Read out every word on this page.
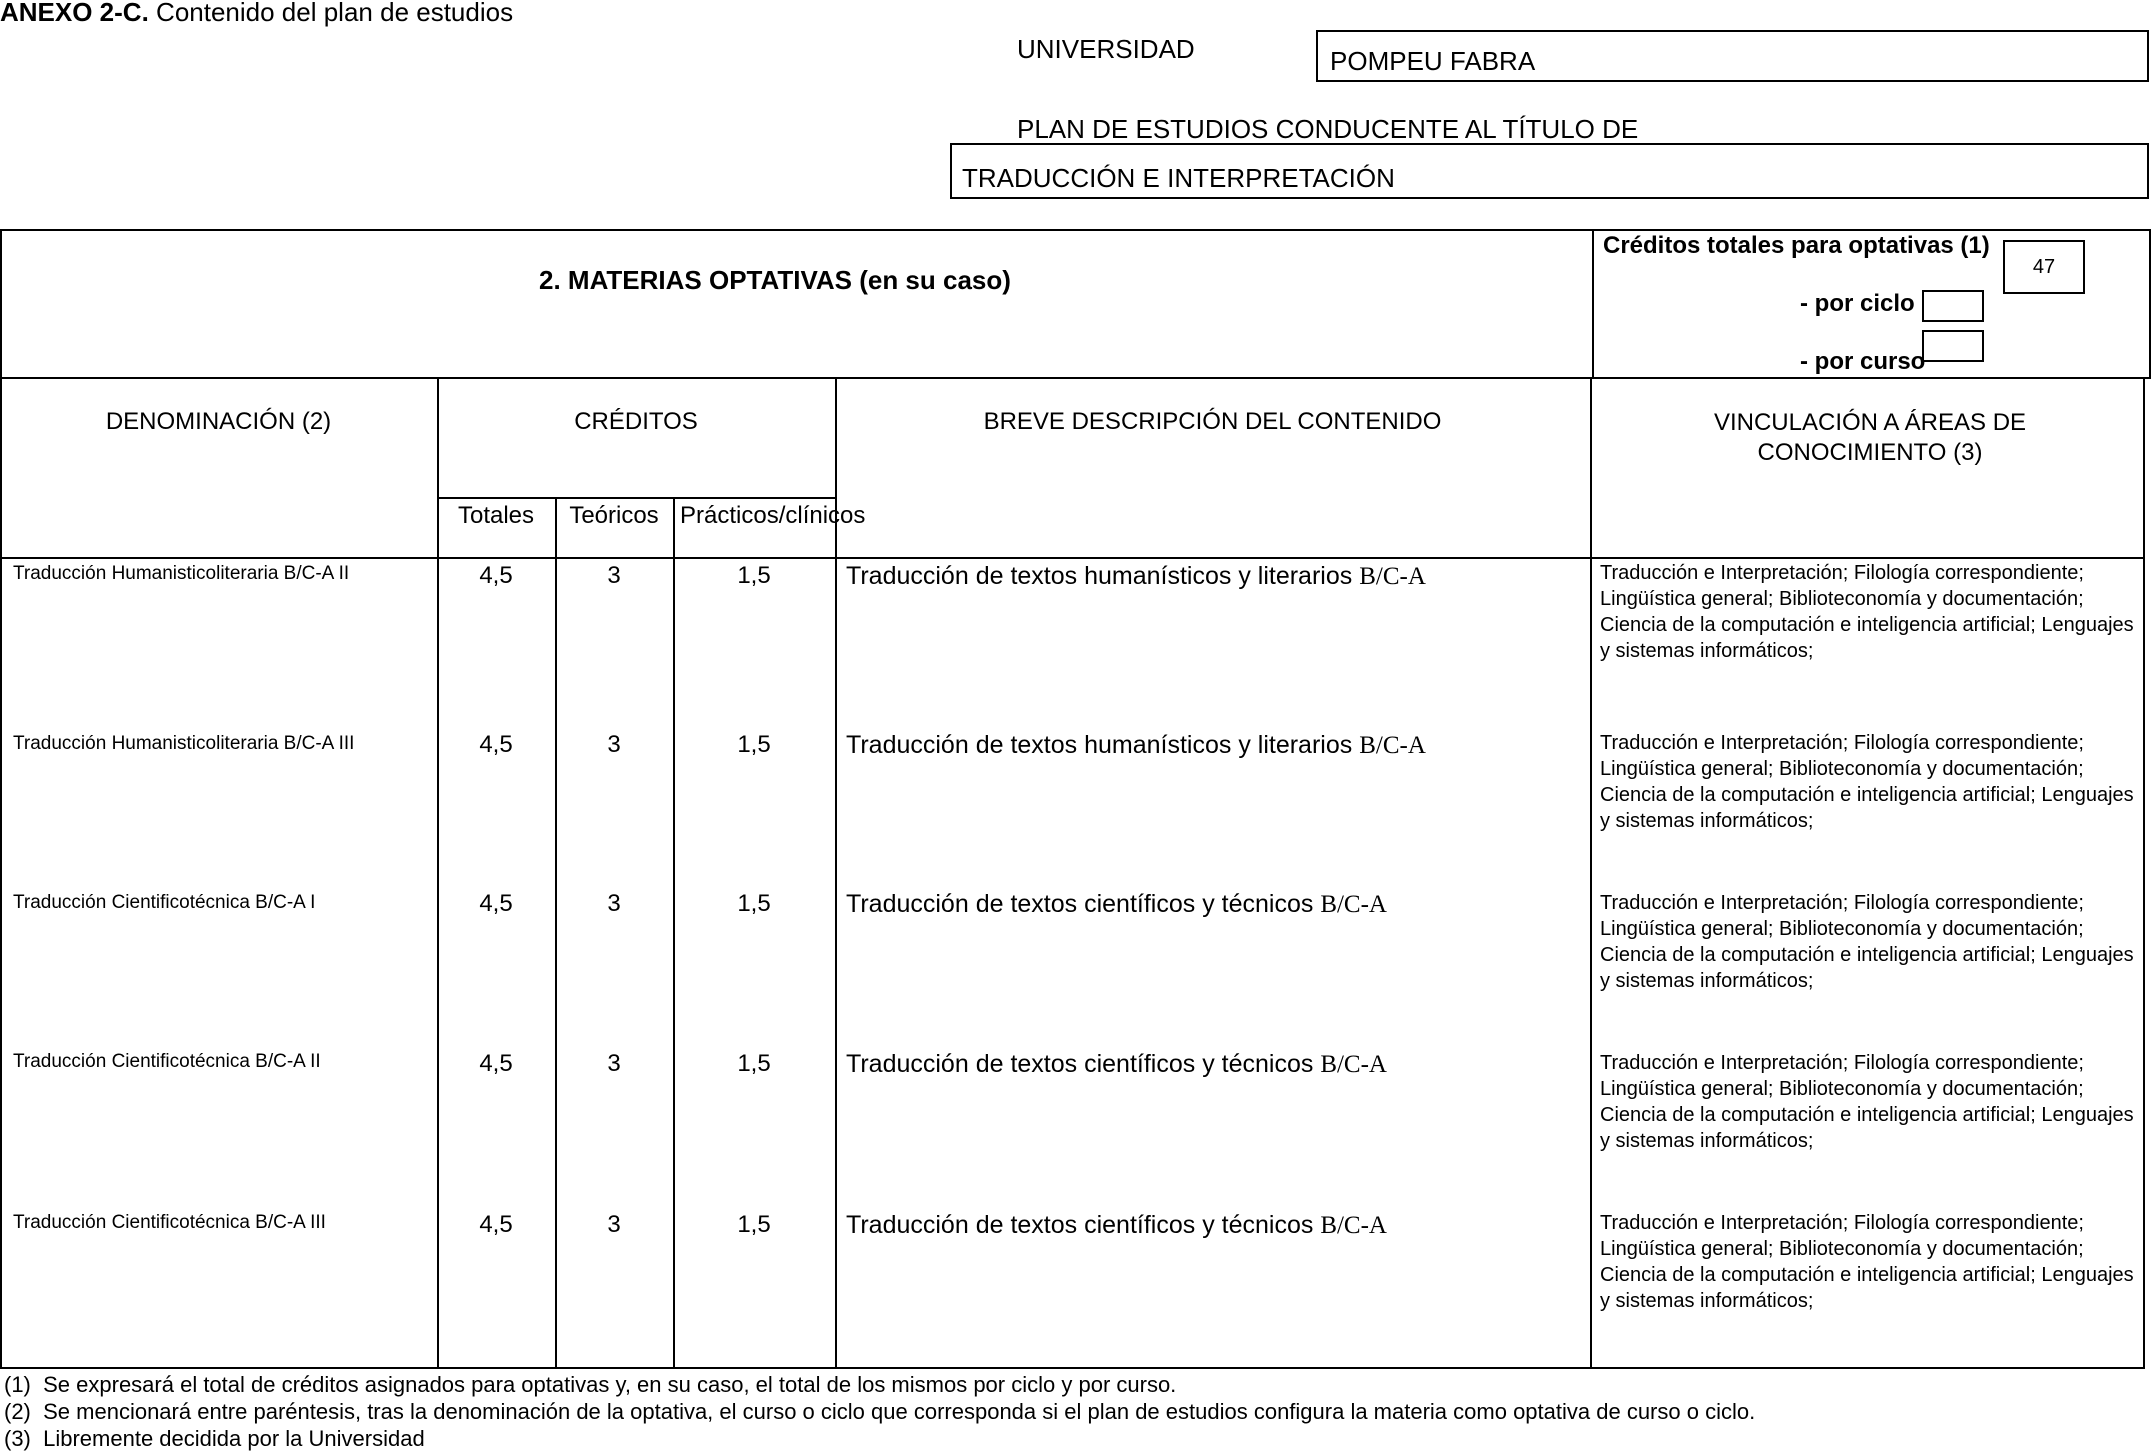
ANEXO 2-C. Contenido del plan de estudios
UNIVERSIDAD	POMPEU FABRA
PLAN DE ESTUDIOS CONDUCENTE AL TÍTULO DE
TRADUCCIÓN E INTERPRETACIÓN
2. MATERIAS OPTATIVAS (en su caso)
Créditos totales para optativas (1)
47
- por ciclo
- por curso
DENOMINACIÓN (2)	CRÉDITOS
Totales	Teóricos Prácticos/clínicos
BREVE DESCRIPCIÓN DEL CONTENIDO	VINCULACIÓN A ÁREAS DE CONOCIMIENTO (3)
Traducción Humanisticoliteraria B/C-A II	4,5	3	1,5	Traducción de textos humanísticos y literarios B/C-A	Traducción e Interpretación; Filología correspondiente; Lingüística general; Biblioteconomía y documentación; Ciencia de la computación e inteligencia artificial; Lenguajes y sistemas informáticos;
Traducción Humanisticoliteraria B/C-A III	4,5	3	1,5	Traducción de textos humanísticos y literarios B/C-A	Traducción e Interpretación; Filología correspondiente; Lingüística general; Biblioteconomía y documentación; Ciencia de la computación e inteligencia artificial; Lenguajes y sistemas informáticos;
Traducción Cientificotécnica B/C-A I	4,5	3	1,5	Traducción de textos científicos y técnicos B/C-A	Traducción e Interpretación; Filología correspondiente; Lingüística general; Biblioteconomía y documentación; Ciencia de la computación e inteligencia artificial; Lenguajes y sistemas informáticos;
Traducción Cientificotécnica B/C-A II	4,5	3	1,5	Traducción de textos científicos y técnicos B/C-A	Traducción e Interpretación; Filología correspondiente; Lingüística general; Biblioteconomía y documentación; Ciencia de la computación e inteligencia artificial; Lenguajes y sistemas informáticos;
Traducción Cientificotécnica B/C-A III	4,5	3	1,5	Traducción de textos científicos y técnicos B/C-A	Traducción e Interpretación; Filología correspondiente; Lingüística general; Biblioteconomía y documentación; Ciencia de la computación e inteligencia artificial; Lenguajes y sistemas informáticos;
(1) Se expresará el total de créditos asignados para optativas y, en su caso, el total de los mismos por ciclo y por curso.
(2) Se mencionará entre paréntesis, tras la denominación de la optativa, el curso o ciclo que corresponda si el plan de estudios configura la materia como optativa de curso o ciclo.
(3) Libremente decidida por la Universidad
